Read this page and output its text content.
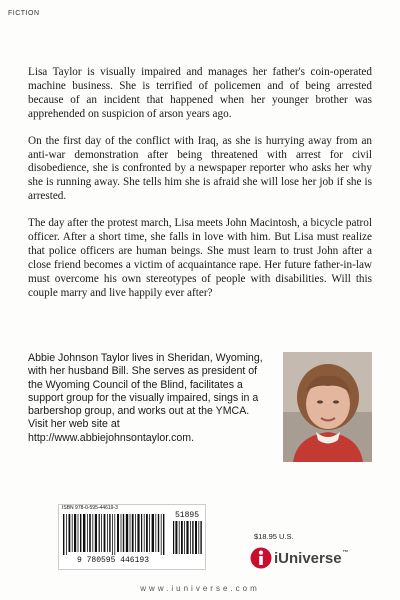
FICTION

Lisa Taylor is visually impaired and manages her father's coin-operated machine business. She is terrified of policemen and of being arrested because of an incident that happened when her younger brother was apprehended on suspicion of arson years ago.

On the first day of the conflict with Iraq, as she is hurrying away from an anti-war demonstration after being threatened with arrest for civil disobedience, she is confronted by a newspaper reporter who asks her why she is running away. She tells him she is afraid she will lose her job if she is arrested.

The day after the protest march, Lisa meets John Macintosh, a bicycle patrol officer. After a short time, she falls in love with him. But Lisa must realize that police officers are human beings. She must learn to trust John after a close friend becomes a victim of acquaintance rape. Her future father-in-law must overcome his own stereotypes of people with disabilities. Will this couple marry and live happily ever after?

Abbie Johnson Taylor lives in Sheridan, Wyoming, with her husband Bill. She serves as president of the Wyoming Council of the Blind, facilitates a support group for the visually impaired, sings in a barbershop group, and works out at the YMCA. Visit her web site at http://www.abbiejohnsontaylor.com.
ISBN 978-0-595-44619-3
51895
9 780595 446193
$18.95 U.S.
iUniverse™
www.iuniverse.com
